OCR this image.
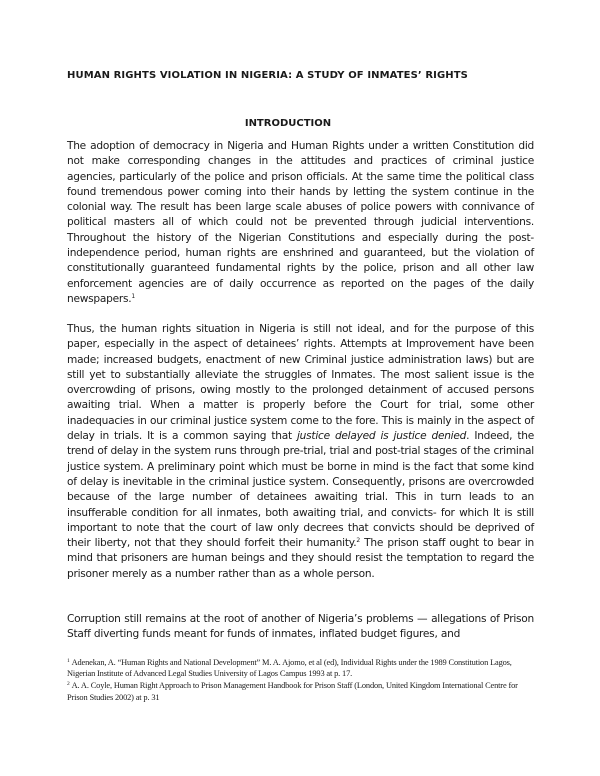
HUMAN RIGHTS VIOLATION IN NIGERIA: A STUDY OF INMATES’ RIGHTS
INTRODUCTION

The adoption of democracy in Nigeria and Human Rights under a written Constitution did not make corresponding changes in the attitudes and practices of criminal justice agencies, particularly of the police and prison officials. At the same time the political class found tremendous power coming into their hands by letting the system continue in the colonial way. The result has been large scale abuses of police powers with connivance of political masters all of which could not be prevented through judicial interventions. Throughout the history of the Nigerian Constitutions and especially during the post-independence period, human rights are enshrined and guaranteed, but the violation of constitutionally guaranteed fundamental rights by the police, prison and all other law enforcement agencies are of daily occurrence as reported on the pages of the daily newspapers.$^1$

Thus, the human rights situation in Nigeria is still not ideal, and for the purpose of this paper, especially in the aspect of detainees’ rights. Attempts at Improvement have been made; increased budgets, enactment of new Criminal justice administration laws) but are still yet to substantially alleviate the struggles of Inmates. The most salient issue is the overcrowding of prisons, owing mostly to the prolonged detainment of accused persons awaiting trial. When a matter is properly before the Court for trial, some other inadequacies in our criminal justice system come to the fore. This is mainly in the aspect of delay in trials. It is a common saying that justice delayed is justice denied. Indeed, the trend of delay in the system runs through pre-trial, trial and post-trial stages of the criminal justice system. A preliminary point which must be borne in mind is the fact that some kind of delay is inevitable in the criminal justice system. Consequently, prisons are overcrowded because of the large number of detainees awaiting trial. This in turn leads to an insufferable condition for all inmates, both awaiting trial, and convicts- for which It is still important to note that the court of law only decrees that convicts should be deprived of their liberty, not that they should forfeit their humanity.$^2$ The prison staff ought to bear in mind that prisoners are human beings and they should resist the temptation to regard the prisoner merely as a number rather than as a whole person.

Corruption still remains at the root of another of Nigeria’s problems — allegations of Prison Staff diverting funds meant for funds of inmates, inflated budget figures, and

$^1$ Adenekan, A. “Human Rights and National Development” M. A. Ajomo, et al (ed), Individual Rights under the 1989 Constitution Lagos, Nigerian Institute of Advanced Legal Studies University of Lagos Campus 1993 at p. 17.

$^2$ A. A. Coyle, Human Right Approach to Prison Management Handbook for Prison Staff (London, United Kingdom International Centre for Prison Studies 2002) at p. 31
